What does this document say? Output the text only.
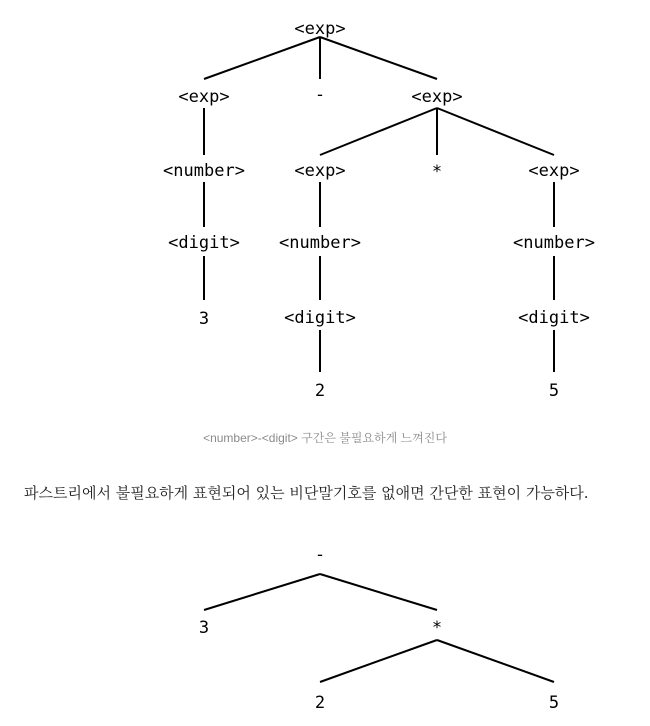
<exp>
<exp>	-	<exp>
<number>
<digit>
3
<exp>	*	<exp>
<number>	<number>
<digit>	<digit>
2	5
<number>-<digit> 구간은 불필요하게 느껴진다
파스트리에서 불필요하게 표현되어 있는 비단말기호를 없애면 간단한 표현이 가능하다.
-
3	*
2	5
